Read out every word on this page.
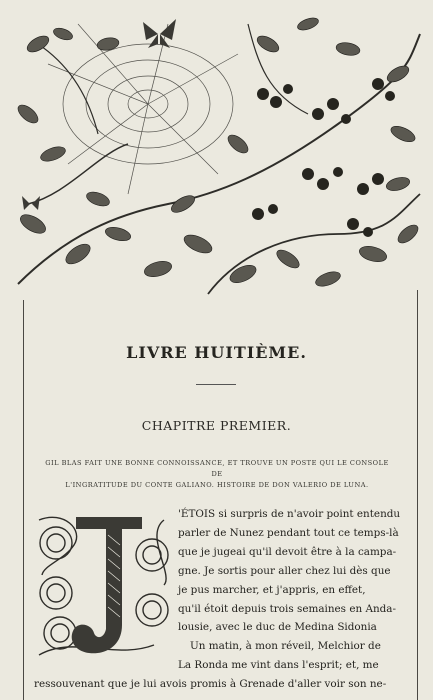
LIVRE HUITIÈME.
CHAPITRE PREMIER.
GIL BLAS FAIT UNE BONNE CONNOISSANCE, ET TROUVE UN POSTE QUI LE CONSOLE DE
L'INGRATITUDE DU CONTE GALIANO. HISTOIRE DE DON VALERIO DE LUNA.
'ÉTOIS si surpris de n'avoir point entendu
parler de Nunez pendant tout ce temps-là
que je jugeai qu'il devoit être à la campa-
gne. Je sortis pour aller chez lui dès que
je pus marcher, et j'appris, en effet,
qu'il étoit depuis trois semaines en Anda-
lousie, avec le duc de Medina Sidonia
Un matin, à mon réveil, Melchior de
La Ronda me vint dans l'esprit; et, me
ressouvenant que je lui avois promis à Grenade d'aller voir son ne-
